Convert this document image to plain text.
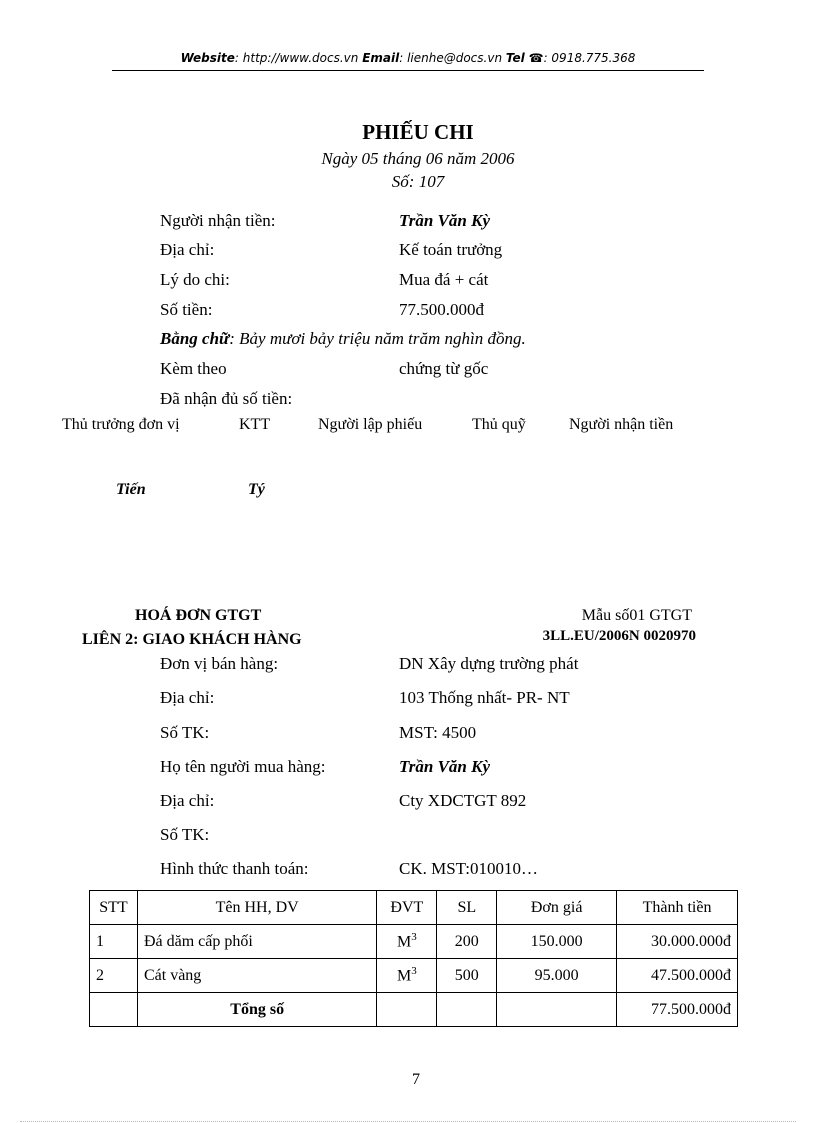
Website: http://www.docs.vn Email: lienhe@docs.vn Tel ☎: 0918.775.368
PHIẾU CHI
Ngày 05 tháng 06 năm 2006
Số: 107
Người nhận tiền:	Trần Văn Kỳ
Địa chỉ:	Kế toán trưởng
Lý do chi:	Mua đá + cát
Số tiền:	77.500.000đ
Bằng chữ: Bảy mươi bảy triệu năm trăm nghìn đồng.
Kèm theo	chứng từ gốc
Đã nhận đủ số tiền:
Thủ trưởng đơn vị	KTT	Người lập phiếu	Thủ quỹ	Người nhận tiền
Tiến	Tý
HOÁ ĐƠN GTGT
LIÊN 2: GIAO KHÁCH HÀNG
Mẫu số01 GTGT
3LL.EU/2006N 0020970
Đơn vị bán hàng:	DN Xây dựng trường phát
Địa chỉ:	103 Thống nhất- PR- NT
Số TK:	MST: 4500
Họ tên người mua hàng:	Trần Văn Kỳ
Địa chỉ:	Cty XDCTGT 892
Số TK:
Hình thức thanh toán:	CK. MST:010010…
STT	Tên HH, DV	ĐVT	SL	Đơn giá	Thành tiền
1	Đá dăm cấp phối	$M^3$	200	150.000	30.000.000đ
2	Cát vàng	$M^3$	500	95.000	47.500.000đ
	Tổng số				77.500.000đ
7
